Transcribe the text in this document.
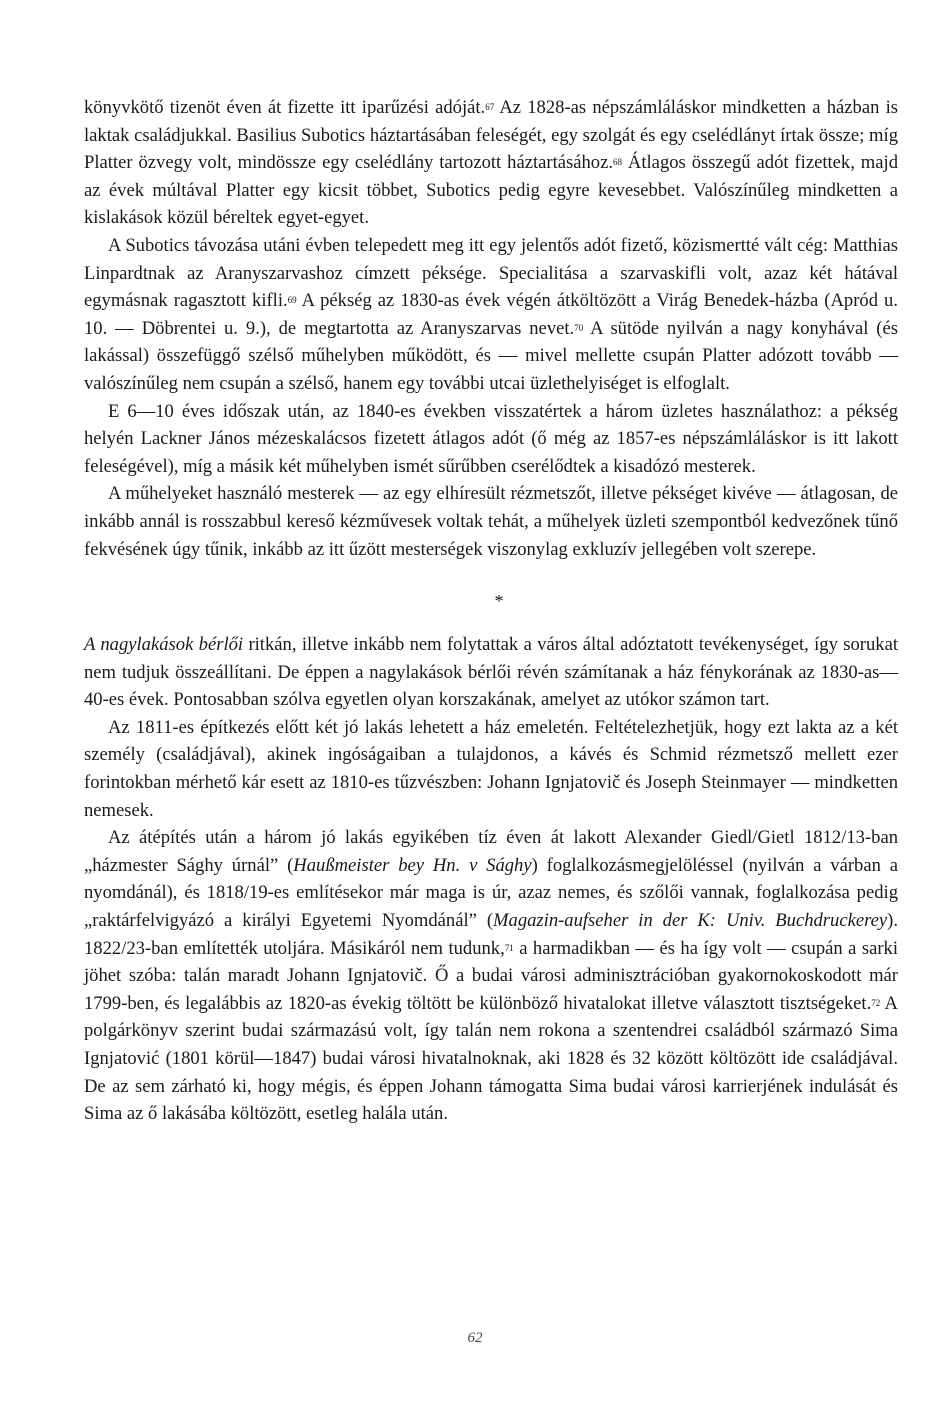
könyvkötő tizenöt éven át fizette itt iparűzési adóját.$^{67}$ Az 1828-as népszámláláskor mindketten a házban is laktak családjukkal. Basilius Subotics háztartásában feleségét, egy szolgát és egy cselédlányt írtak össze; míg Platter özvegy volt, mindössze egy cselédlány tartozott háztartásához.$^{68}$ Átlagos összegű adót fizettek, majd az évek múltával Platter egy kicsit többet, Subotics pedig egyre kevesebbet. Valószínűleg mindketten a kislakások közül béreltek egyet-egyet.

A Subotics távozása utáni évben telepedett meg itt egy jelentős adót fizető, közismertté vált cég: Matthias Linpardtnak az Aranyszarvashoz címzett péksége. Specialitása a szarvaskifli volt, azaz két hátával egymásnak ragasztott kifli.$^{69}$ A pékség az 1830-as évek végén átköltözött a Virág Benedek-házba (Apród u. 10. — Döbrentei u. 9.), de megtartotta az Aranyszarvas nevet.$^{70}$ A sütöde nyilván a nagy konyhával (és lakással) összefüggő szélső műhelyben működött, és — mivel mellette csupán Platter adózott tovább — valószínűleg nem csupán a szélső, hanem egy további utcai üzlethelyiséget is elfoglalt.

E 6—10 éves időszak után, az 1840-es években visszatértek a három üzletes használathoz: a pékség helyén Lackner János mézeskalácsos fizetett átlagos adót (ő még az 1857-es népszámláláskor is itt lakott feleségével), míg a másik két műhelyben ismét sűrűbben cserélődtek a kisadózó mesterek.

A műhelyeket használó mesterek — az egy elhíresült rézmetszőt, illetve pékséget kivéve — átlagosan, de inkább annál is rosszabbul kereső kézművesek voltak tehát, a műhelyek üzleti szempontból kedvezőnek tűnő fekvésének úgy tűnik, inkább az itt űzött mesterségek viszonylag exkluzív jellegében volt szerepe.

*

A nagylakások bérlői ritkán, illetve inkább nem folytattak a város által adóztatott tevékenységet, így sorukat nem tudjuk összeállítani. De éppen a nagylakások bérlői révén számítanak a ház fénykorának az 1830-as—40-es évek. Pontosabban szólva egyetlen olyan korszakának, amelyet az utókor számon tart.

Az 1811-es építkezés előtt két jó lakás lehetett a ház emeletén. Feltételezhetjük, hogy ezt lakta az a két személy (családjával), akinek ingóságaiban a tulajdonos, a kávés és Schmid rézmetsző mellett ezer forintokban mérhető kár esett az 1810-es tűzvészben: Johann Ignjatovič és Joseph Steinmayer — mindketten nemesek.

Az átépítés után a három jó lakás egyikében tíz éven át lakott Alexander Giedl/Gietl 1812/13-ban „házmester Sághy úrnál” (Haußmeister bey Hn. v Sághy) foglalkozásmegjelöléssel (nyilván a várban a nyomdánál), és 1818/19-es említésekor már maga is úr, azaz nemes, és szőlői vannak, foglalkozása pedig „raktárfelvigyázó a királyi Egyetemi Nyomdánál” (Magazin-aufseher in der K: Univ. Buchdruckerey). 1822/23-ban említették utoljára. Másikáról nem tudunk,$^{71}$ a harmadikban — és ha így volt — csupán a sarki jöhet szóba: talán maradt Johann Ignjatovič. Ő a budai városi adminisztrációban gyakornokoskodott már 1799-ben, és legalábbis az 1820-as évekig töltött be különböző hivatalokat illetve választott tisztségeket.$^{72}$ A polgárkönyv szerint budai származású volt, így talán nem rokona a szentendrei családból származó Sima Ignjatović (1801 körül—1847) budai városi hivatalnoknak, aki 1828 és 32 között költözött ide családjával. De az sem zárható ki, hogy mégis, és éppen Johann támogatta Sima budai városi karrierjének indulását és Sima az ő lakásába költözött, esetleg halála után.

62
